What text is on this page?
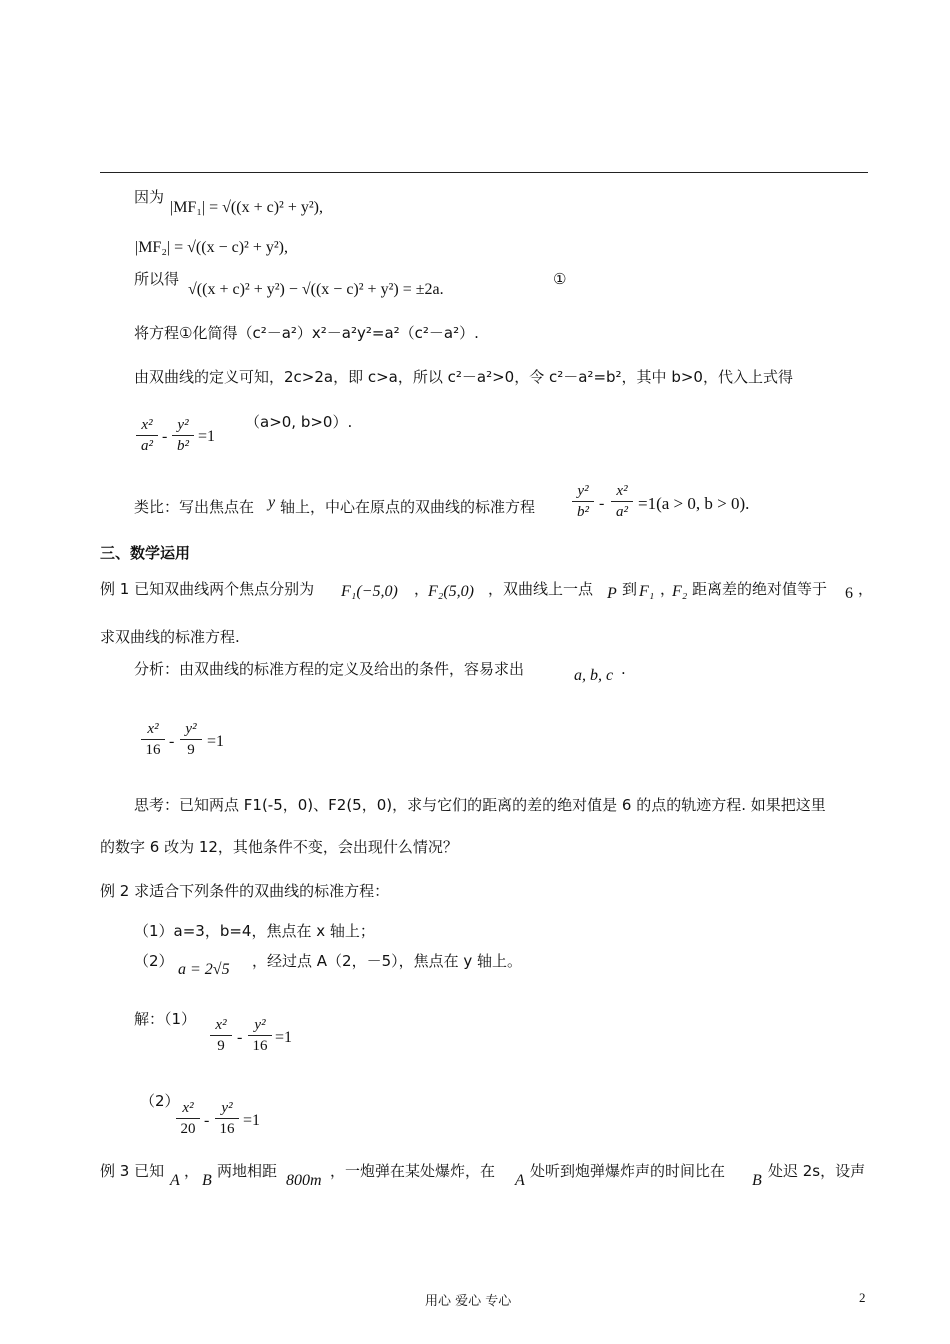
因为
|MF₁| = √((x + c)² + y²),
|MF₂| = √((x − c)² + y²),
所以得
√((x + c)² + y²) − √((x − c)² + y²) = ±2a.
①
将方程①化简得（c²－a²）x²－a²y²=a²（c²－a²）.
由双曲线的定义可知，2c>2a，即 c>a，所以 c²－a²>0，令 c²－a²=b²，其中 b>0，代入上式得
x²
a²
-
y²
b²
=1
（a>0, b>0）.
类比：写出焦点在 y 轴上，中心在原点的双曲线的标准方程
y²
b² -
x²
a² =1(a > 0, b > 0).
三、数学运用
例 1 已知双曲线两个焦点分别为 F₁(−5,0) ，
F₂(5,0) ，双曲线上一点 P 到 F₁ ，
F₂ 距离差的绝对值等于 6 ，
求双曲线的标准方程.
分析：由双曲线的标准方程的定义及给出的条件，容易求出	a, b, c .
x²
16 -
y²
9 =1
思考：已知两点 F1(-5，0)、F2(5，0)，求与它们的距离的差的绝对值是 6 的点的轨迹方程. 如果把这里
的数字 6 改为 12，其他条件不变，会出现什么情况？
例 2 求适合下列条件的双曲线的标准方程：
（1）a=3，b=4，焦点在 x 轴上；
（2） a = 2√5 ，经过点 A（2，－5），焦点在 y 轴上。
解：（1）	x²
9 -
y²
16 =1
（2） x²
20 -
y²
16 =1
例 3 已知
A
，
B
两地相距
800m
，一炮弹在某处爆炸，在
A
处听到炮弹爆炸声的时间比在
B
处迟 2s，设声
用心 爱心 专心	2
